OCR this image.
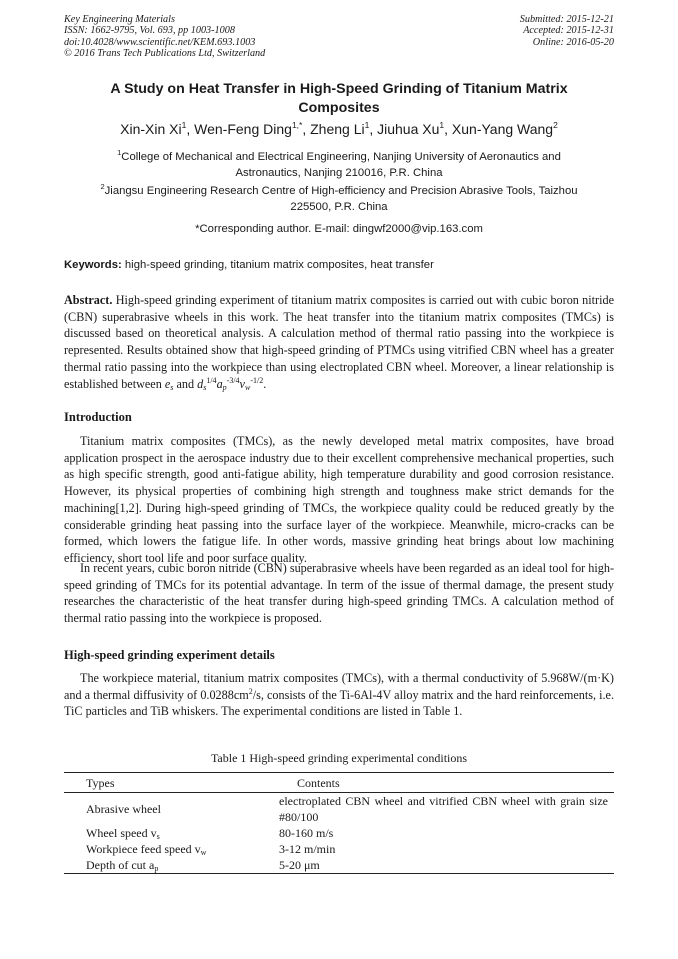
Key Engineering Materials
ISSN: 1662-9795, Vol. 693, pp 1003-1008
doi:10.4028/www.scientific.net/KEM.693.1003
© 2016 Trans Tech Publications Ltd, Switzerland
Submitted: 2015-12-21
Accepted: 2015-12-31
Online: 2016-05-20
A Study on Heat Transfer in High-Speed Grinding of Titanium Matrix
Composites
Xin-Xin Xi$^1$, Wen-Feng Ding$^{1,*}$, Zheng Li$^1$, Jiuhua Xu$^1$, Xun-Yang Wang$^2$
$^1$College of Mechanical and Electrical Engineering, Nanjing University of Aeronautics and
Astronautics, Nanjing 210016, P.R. China
$^2$Jiangsu Engineering Research Centre of High-efficiency and Precision Abrasive Tools, Taizhou
225500, P.R. China
*Corresponding author. E-mail: dingwf2000@vip.163.com
Keywords: high-speed grinding, titanium matrix composites, heat transfer

Abstract. High-speed grinding experiment of titanium matrix composites is carried out with cubic boron nitride (CBN) superabrasive wheels in this work. The heat transfer into the titanium matrix composites (TMCs) is discussed based on theoretical analysis. A calculation method of thermal ratio passing into the workpiece is represented. Results obtained show that high-speed grinding of PTMCs using vitrified CBN wheel has a greater thermal ratio passing into the workpiece than using electroplated CBN wheel. Moreover, a linear relationship is established between $e_s$ and $d_s^{1/4}a_p^{-3/4}v_w^{-1/2}$.

Introduction

Titanium matrix composites (TMCs), as the newly developed metal matrix composites, have broad application prospect in the aerospace industry due to their excellent comprehensive mechanical properties, such as high specific strength, good anti-fatigue ability, high temperature durability and good corrosion resistance. However, its physical properties of combining high strength and toughness make strict demands for the machining[1,2]. During high-speed grinding of TMCs, the workpiece quality could be reduced greatly by the considerable grinding heat passing into the surface layer of the workpiece. Meanwhile, micro-cracks can be formed, which lowers the fatigue life. In other words, massive grinding heat brings about low machining efficiency, short tool life and poor surface quality.

In recent years, cubic boron nitride (CBN) superabrasive wheels have been regarded as an ideal tool for high-speed grinding of TMCs for its potential advantage. In term of the issue of thermal damage, the present study researches the characteristic of the heat transfer during high-speed grinding TMCs. A calculation method of thermal ratio passing into the workpiece is proposed.

High-speed grinding experiment details

The workpiece material, titanium matrix composites (TMCs), with a thermal conductivity of 5.968W/(m·K) and a thermal diffusivity of $0.0288cm^2/s$, consists of the Ti-6Al-4V alloy matrix and the hard reinforcements, i.e. TiC particles and TiB whiskers. The experimental conditions are listed in Table 1.

Table 1 High-speed grinding experimental conditions
Types	Contents
Abrasive wheel	electroplated CBN wheel and vitrified CBN wheel with grain size #80/100
Wheel speed $v_s$	80-160 m/s
Workpiece feed speed $v_w$	3-12 m/min
Depth of cut $a_p$	5-20 μm
